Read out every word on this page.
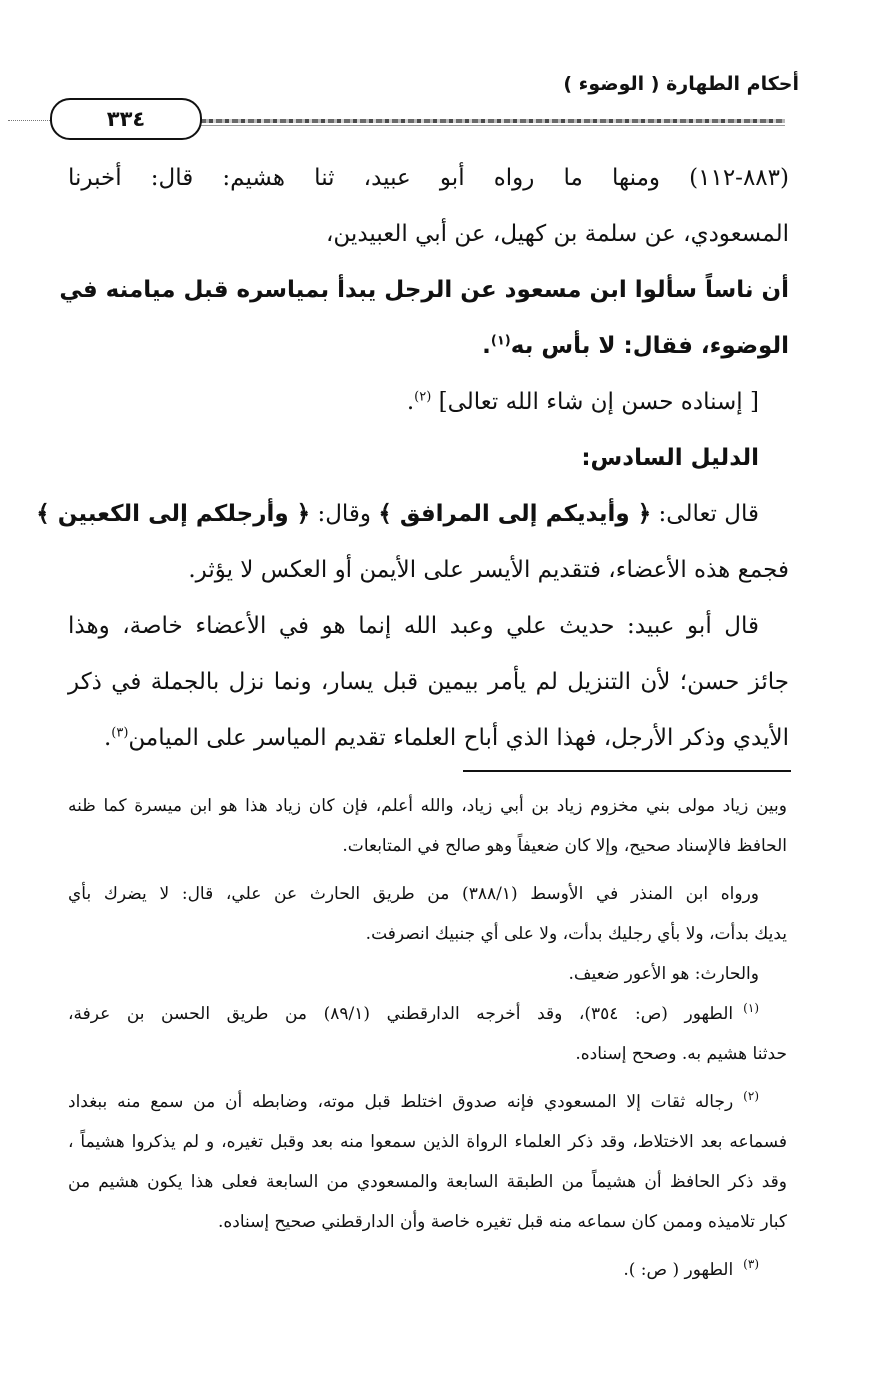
أحكام الطهارة ( الوضوء )
٣٣٤
(٨٨٣-١١٢) ومنها ما رواه أبو عبيد، ثنا هشيم: قال: أخبرنا
المسعودي، عن سلمة بن كهيل، عن أبي العبيدين،
أن ناساً سألوا ابن مسعود عن الرجل يبدأ بمياسره قبل ميامنه في
الوضوء، فقال: لا بأس به$^{(١)}$.
[ إسناده حسن إن شاء الله تعالى] $^{(٢)}$.
الدليل السادس:
قال تعالى: ﴿ وأيديكم إلى المرافق ﴾ وقال: ﴿ وأرجلكم إلى الكعبين ﴾
فجمع هذه الأعضاء، فتقديم الأيسر على الأيمن أو العكس لا يؤثر.
قال أبو عبيد: حديث علي وعبد الله إنما هو في الأعضاء خاصة، وهذا
جائز حسن؛ لأن التنزيل لم يأمر بيمين قبل يسار، ونما نزل بالجملة في ذكر
الأيدي وذكر الأرجل، فهذا الذي أباح العلماء تقديم المياسر على الميامن$^{(٣)}$.
وبين زياد مولى بني مخزوم زياد بن أبي زياد، والله أعلم، فإن كان زياد هذا هو ابن ميسرة كما ظنه
الحافظ فالإسناد صحيح، وإلا كان ضعيفاً وهو صالح في المتابعات.
ورواه ابن المنذر في الأوسط (٣٨٨/١) من طريق الحارث عن علي، قال: لا يضرك بأي
يديك بدأت، ولا بأي رجليك بدأت، ولا على أي جنبيك انصرفت.
والحارث: هو الأعور ضعيف.
$^{(١)}$الطهور (ص: ٣٥٤)، وقد أخرجه الدارقطني (٨٩/١) من طريق الحسن بن عرفة،
حدثنا هشيم به. وصحح إسناده.
$^{(٢)}$رجاله ثقات إلا المسعودي فإنه صدوق اختلط قبل موته، وضابطه أن من سمع منه ببغداد
فسماعه بعد الاختلاط، وقد ذكر العلماء الرواة الذين سمعوا منه بعد وقبل تغيره، و لم يذكروا هشيماً ،
وقد ذكر الحافظ أن هشيماً من الطبقة السابعة والمسعودي من السابعة فعلى هذا يكون هشيم من
كبار تلاميذه وممن كان سماعه منه قبل تغيره خاصة وأن الدارقطني صحيح إسناده.
$^{(٣)}$الطهور ( ص: ).
